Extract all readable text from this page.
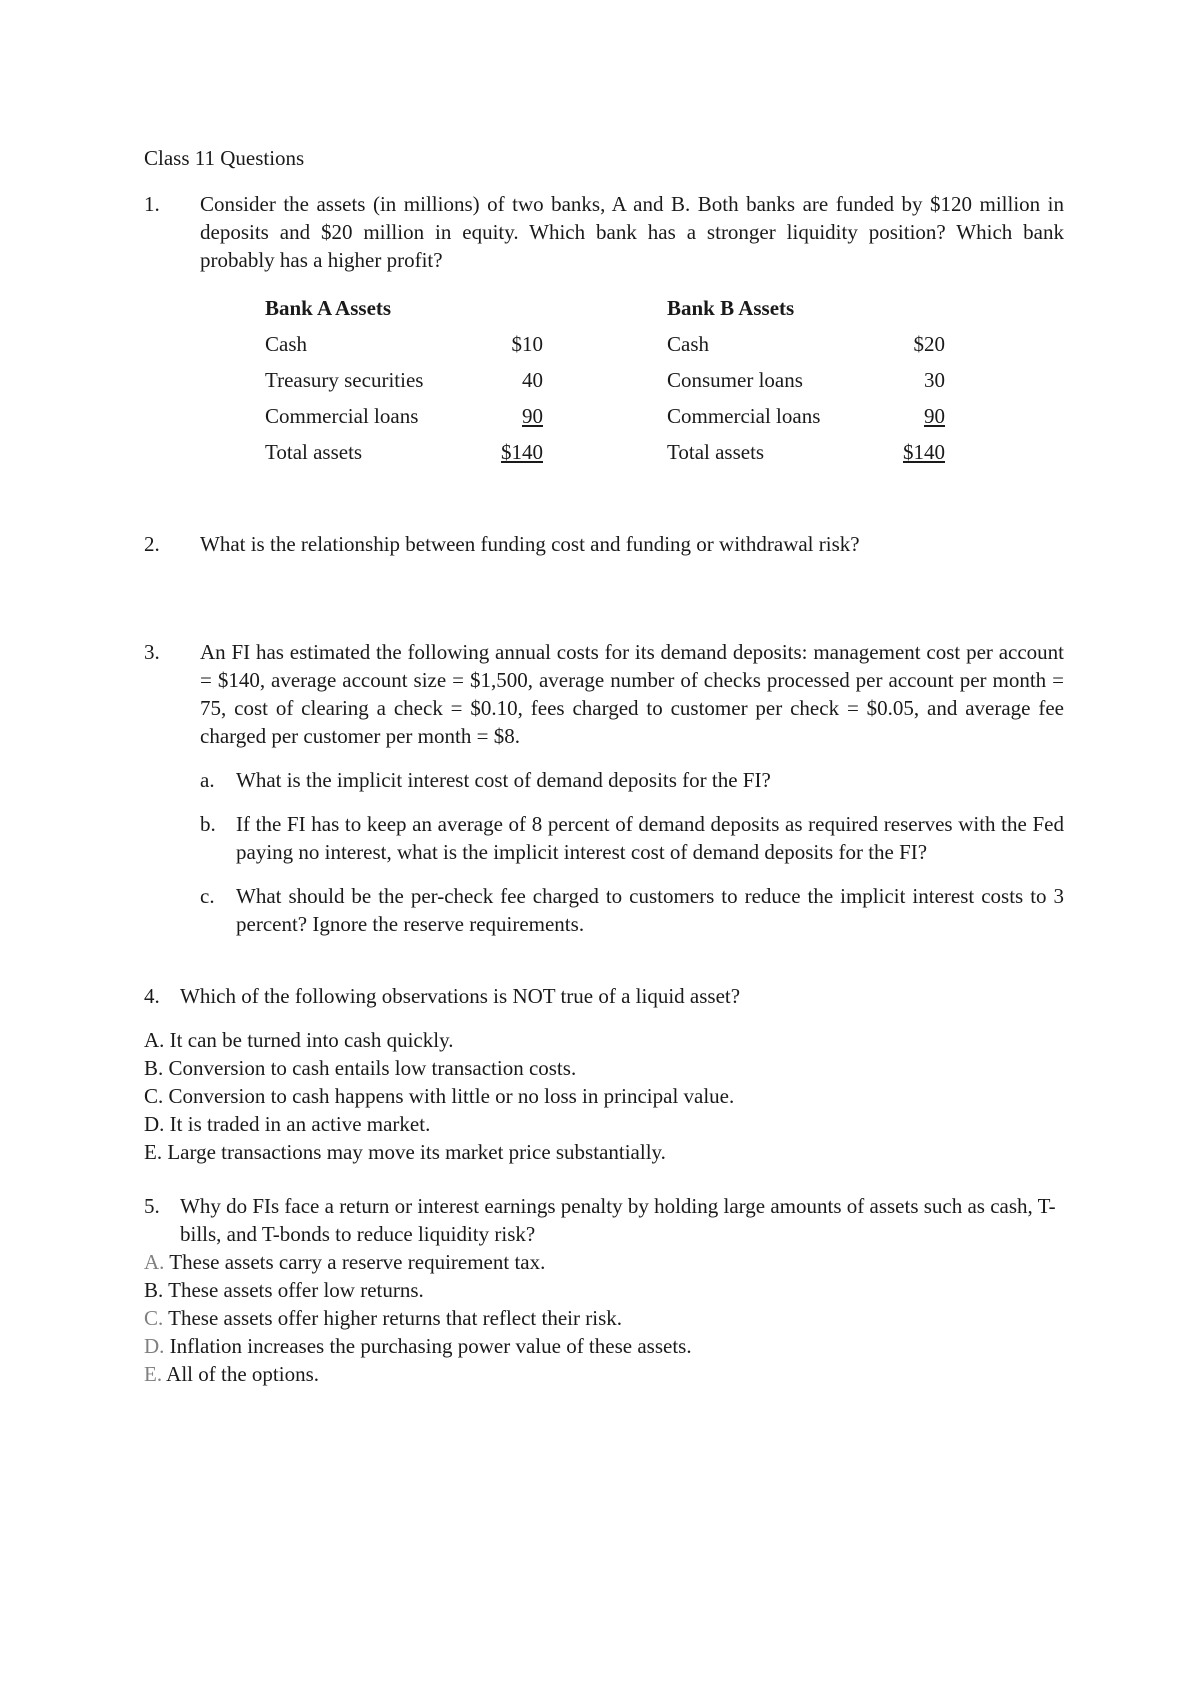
Class 11 Questions
1.	Consider the assets (in millions) of two banks, A and B. Both banks are funded by $120 million in deposits and $20 million in equity. Which bank has a stronger liquidity position? Which bank probably has a higher profit?
Bank A Assets			Bank B Assets	
Cash	$10		Cash	$20
Treasury securities	40		Consumer loans	30
Commercial loans	90		Commercial loans	90
Total assets	$140		Total assets	$140
2.	What is the relationship between funding cost and funding or withdrawal risk?
3.	An FI has estimated the following annual costs for its demand deposits: management cost per account = $140, average account size = $1,500, average number of checks processed per account per month = 75, cost of clearing a check = $0.10, fees charged to customer per check = $0.05, and average fee charged per customer per month = $8.
a.	What is the implicit interest cost of demand deposits for the FI?
b. If the FI has to keep an average of 8 percent of demand deposits as required reserves with the Fed paying no interest, what is the implicit interest cost of demand deposits for the FI?
c.	What should be the per-check fee charged to customers to reduce the implicit interest costs to 3 percent? Ignore the reserve requirements.
4. Which of the following observations is NOT true of a liquid asset?
A. It can be turned into cash quickly.
B. Conversion to cash entails low transaction costs.
C. Conversion to cash happens with little or no loss in principal value.
D. It is traded in an active market.
E. Large transactions may move its market price substantially.
5. Why do FIs face a return or interest earnings penalty by holding large amounts of assets such as cash, T-bills, and T-bonds to reduce liquidity risk?
A. These assets carry a reserve requirement tax.
B. These assets offer low returns.
C. These assets offer higher returns that reflect their risk.
D. Inflation increases the purchasing power value of these assets.
E. All of the options.
